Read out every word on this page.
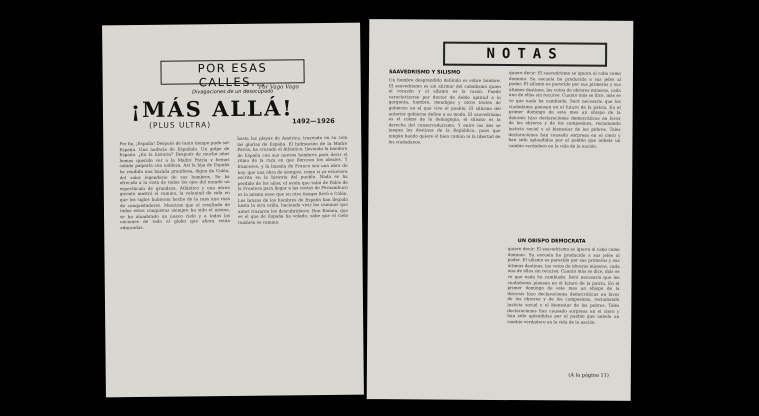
POR ESAS CALLES...
Divagaciones de un desocupado
Por Vago Vago
¡MÁS ALLÁ!
(PLUS ULTRA)	1492—1926
Por fin, ¡España! Después de tanto tiempo pudo ser España. Una audacia de Española. Un golpe de España. ¿En la historia? Después de mucho años hemos querido ver a la Madre Patria y hemos sabido palparla con nobleza. Así la hija de España ha rendido una hazaña grandiosa, digna de Colón, del valor legendario de sus hombres. Se ha ofrecido a la vista de todos los ojos del mundo un espectáculo de grandeza. Atlántico y una aérea gaviota mostró el camino, la voluntad de vida en que los siglos hubieron hecho de la raza una raza de conquistadores. Mientras que el resultado de todos estos conquistas siempre ha sido el mismo, se ha alumbrado un nuevo cielo y a todas las naciones de todo el globo que ahora están admiradas.
hasta las playas de América, trayendo en su cola las glorias de España. El hidroavión de la Madre Patria, ha cruzado el Atlántico, llevando la bandera de España con sus nuevos hombres para decir el ritmo de la raza en que florecen los ideales. Y franceses, y la hazaña de Franco sea una obra de hoy, que una obra de siempre, como si ya estuviera escrita en la historia del pueblo. Nada se ha perdido de los años; el avión que salió de Palos de la Frontera para llegar a las costas de Pernambuco es la misma nave que en otro tiempo llevó a Colón. Los brazos de los hombres de España han llegado hasta la otra orilla, haciendo vivir los caminos que antes trazaron los descubridores. Don Ramón, que es el que de España ha volado, sabe que el cielo también es camino.
NOTAS
SAAVEDRISMO Y SILISMO
Un hombre desprendido definido es sobre hombre. El saavedrismo es sin afirmar del caballismo quien el corazón y el silismo es la razón. Puede caracterizarse por doctor de doble aptitud a la garganta, hambre, mendigos y otros tristes de gobierno en el que vive el pueblo. El sillismo del anterior gobierno define a su modo. El saavedrismo es el colmo de la demagogia, el silismo es la derecha del conservadurismo. Y entre los dos se juegan los destinos de la República, pues que ningún bando quiere el bien común ni la libertad de los ciudadanos.
quiere decir: El saavedrismo se ignora al cabo como dominio. Su escuela ha producido a sus jefes al poder. El silismo es parecido por sus primeros y sus últimos destinos, los votos de obreros mineros, cada uno de ellos sin recurso. Cuanto más se dice, más se ve que nada ha cambiado. Será necesario que los ciudadanos piensen en el futuro de la patria. En el primer domingo de este mes un obispo de la diócesis hizo declaraciones democráticas en favor de los obreros y de los campesinos, reclamando justicia social y el bienestar de los pobres. Tales declaraciones han causado sorpresa en el clero y han sido aplaudidas por el pueblo que anhela un cambio verdadero en la vida de la nación.
UN OBISPO DEMOCRATA
quiere decir: El saavedrismo se ignora al cabo como dominio. Su escuela ha producido a sus jefes al poder. El silismo es parecido por sus primeros y sus últimos destinos, los votos de obreros mineros, cada uno de ellos sin recurso. Cuanto más se dice, más se ve que nada ha cambiado. Será necesario que los ciudadanos piensen en el futuro de la patria. En el primer domingo de este mes un obispo de la diócesis hizo declaraciones democráticas en favor de los obreros y de los campesinos, reclamando justicia social y el bienestar de los pobres. Tales declaraciones han causado sorpresa en el clero y han sido aplaudidas por el pueblo que anhela un cambio verdadero en la vida de la nación.
(A la página 11)
